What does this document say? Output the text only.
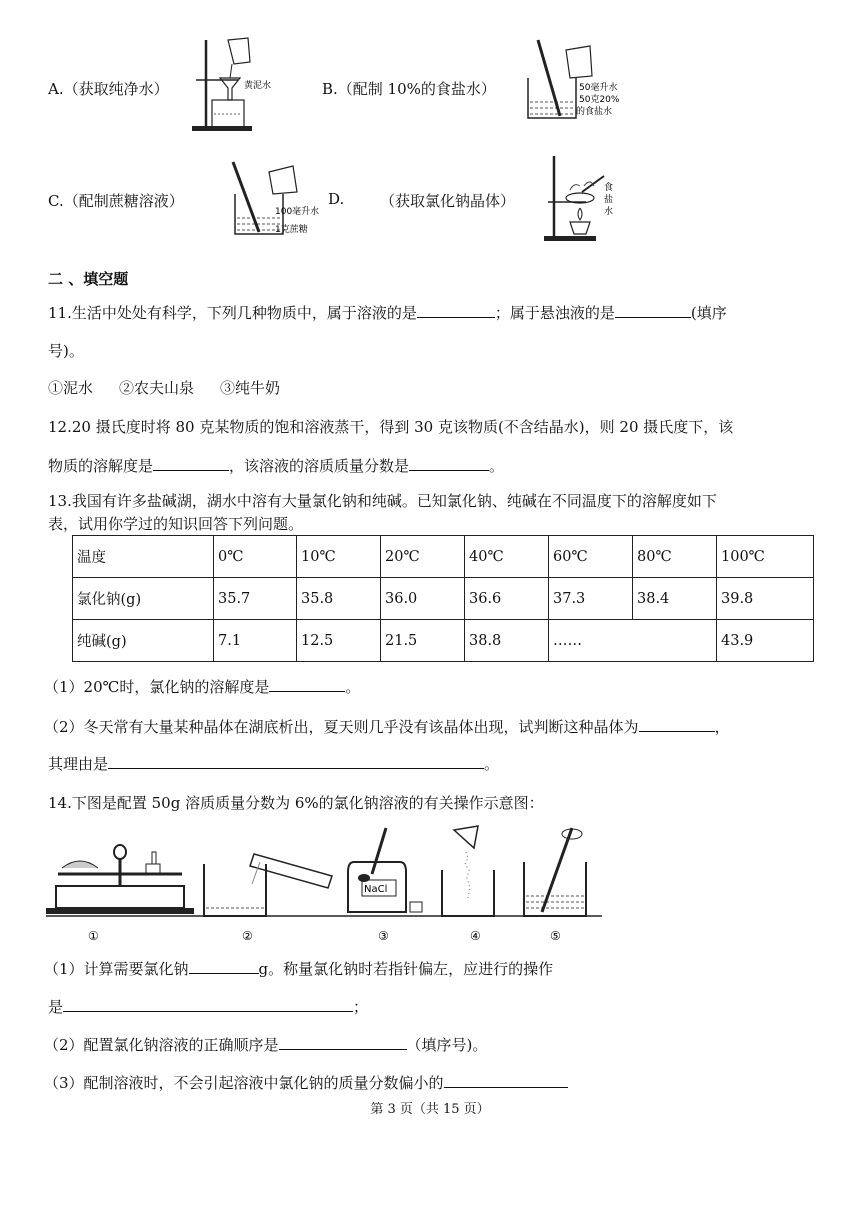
A.（获取纯净水）	黄泥水	B.（配制 10%的食盐水）	50毫升水
50克20%
的食盐水
C.（配制蔗糖溶液）
100毫升水
1克蔗糖
D. （获取氯化钠晶体）
食
盐
水
二 、填空题
11.生活中处处有科学，下列几种物质中，属于溶液的是	；属于悬浊液的是	(填序
号)。
①泥水 ②农夫山泉 ③纯牛奶
12.20 摄氏度时将 80 克某物质的饱和溶液蒸干，得到 30 克该物质(不含结晶水)，则 20 摄氏度下，该
物质的溶解度是	，该溶液的溶质质量分数是	。
13.我国有许多盐碱湖，湖水中溶有大量氯化钠和纯碱。已知氯化钠、纯碱在不同温度下的溶解度如下
表，试用你学过的知识回答下列问题。
温度	0℃	10℃	20℃	40℃	60℃	80℃	100℃
氯化钠(g)	35.7	35.8	36.0	36.6	37.3	38.4	39.8
纯碱(g)	7.1	12.5	21.5	38.8	……		43.9
（1）20℃时，氯化钠的溶解度是	。
（2）冬天常有大量某种晶体在湖底析出，夏天则几乎没有该晶体出现，试判断这种晶体为	，
其理由是	。
14.下图是配置 50g 溶质质量分数为 6%的氯化钠溶液的有关操作示意图：
NaCl
①	②	③	④	⑤
（1）计算需要氯化钠	g。称量氯化钠时若指针偏左，应进行的操作
是	；
（2）配置氯化钠溶液的正确顺序是	（填序号)。
（3）配制溶液时，不会引起溶液中氯化钠的质量分数偏小的
第 3 页（共 15 页）
